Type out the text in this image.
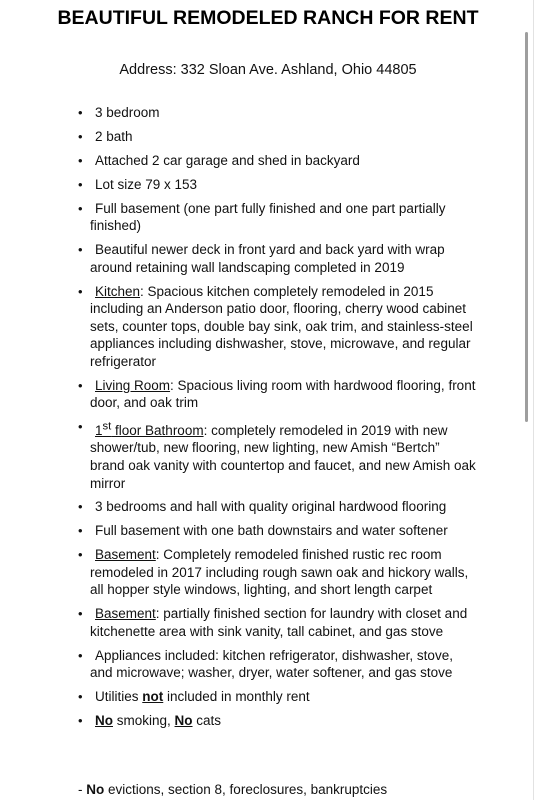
BEAUTIFUL REMODELED RANCH FOR RENT

Address: 332 Sloan Ave. Ashland, Ohio 44805

• 3 bedroom
• 2 bath
• Attached 2 car garage and shed in backyard
• Lot size 79 x 153
• Full basement (one part fully finished and one part partially finished)
• Beautiful newer deck in front yard and back yard with wrap around retaining wall landscaping completed in 2019
• Kitchen: Spacious kitchen completely remodeled in 2015 including an Anderson patio door, flooring, cherry wood cabinet sets, counter tops, double bay sink, oak trim, and stainless-steel appliances including dishwasher, stove, microwave, and regular refrigerator
• Living Room: Spacious living room with hardwood flooring, front door, and oak trim
• 1st floor Bathroom: completely remodeled in 2019 with new shower/tub, new flooring, new lighting, new Amish “Bertch” brand oak vanity with countertop and faucet, and new Amish oak mirror
• 3 bedrooms and hall with quality original hardwood flooring
• Full basement with one bath downstairs and water softener
• Basement: Completely remodeled finished rustic rec room remodeled in 2017 including rough sawn oak and hickory walls, all hopper style windows, lighting, and short length carpet
• Basement: partially finished section for laundry with closet and kitchenette area with sink vanity, tall cabinet, and gas stove
• Appliances included: kitchen refrigerator, dishwasher, stove, and microwave; washer, dryer, water softener, and gas stove
• Utilities not included in monthly rent
• No smoking, No cats
- No evictions, section 8, foreclosures, bankruptcies
